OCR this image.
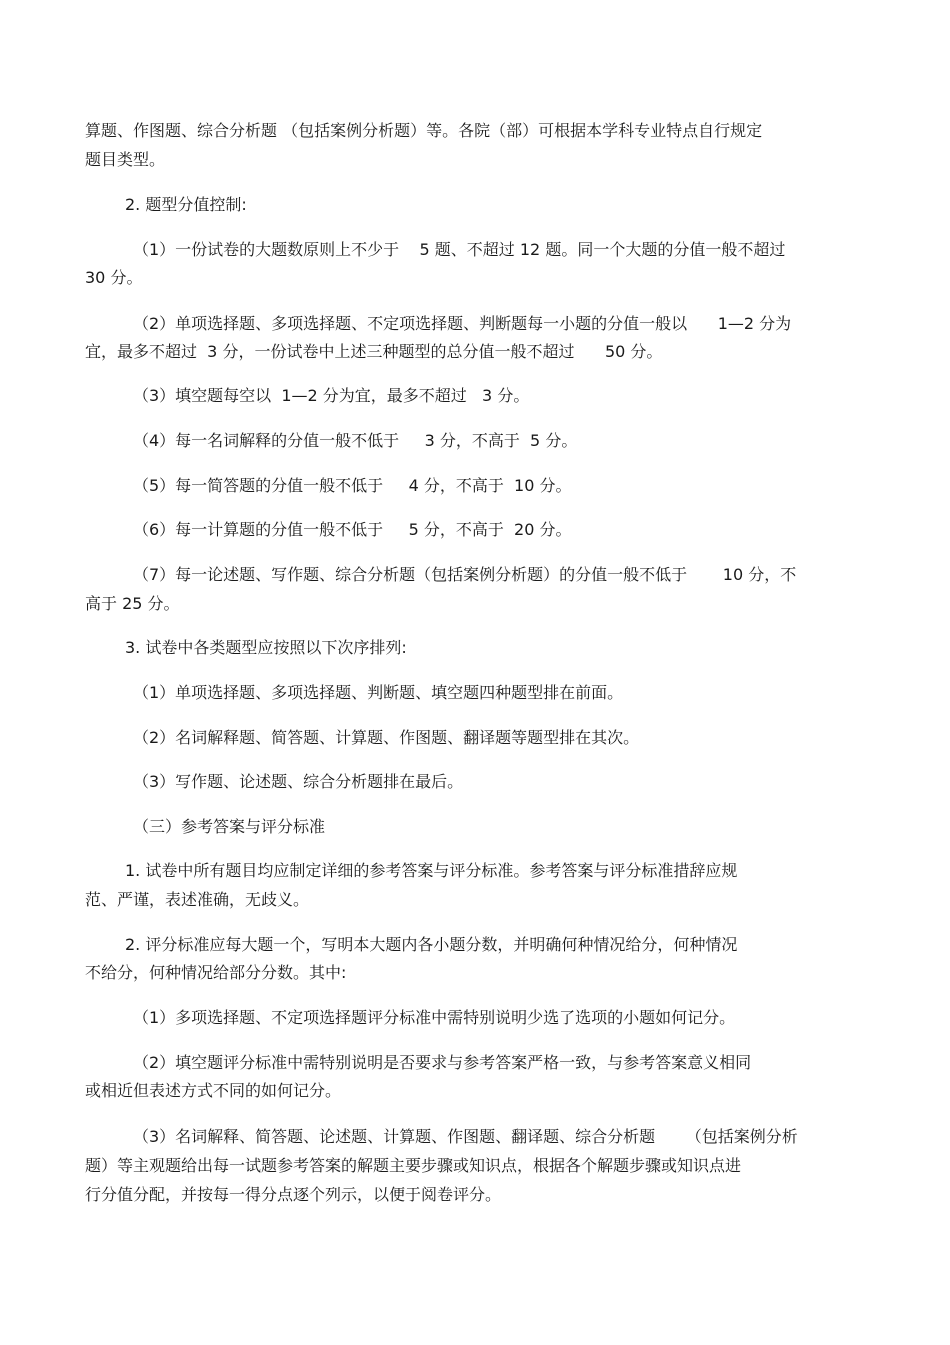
算题、作图题、综合分析题 （包括案例分析题）等。各院（部）可根据本学科专业特点自行规定

题目类型。

2. 题型分值控制:

（1）一份试卷的大题数原则上不少于    5 题、不超过 12 题。同一个大题的分值一般不超过

30 分。

（2）单项选择题、多项选择题、不定项选择题、判断题每一小题的分值一般以      1—2 分为

宜，最多不超过  3 分，一份试卷中上述三种题型的总分值一般不超过      50 分。

（3）填空题每空以  1—2 分为宜，最多不超过   3 分。

（4）每一名词解释的分值一般不低于     3 分，不高于  5 分。

（5）每一简答题的分值一般不低于     4 分，不高于  10 分。

（6）每一计算题的分值一般不低于     5 分，不高于  20 分。

（7）每一论述题、写作题、综合分析题（包括案例分析题）的分值一般不低于       10 分，不

高于 25 分。

3. 试卷中各类题型应按照以下次序排列:

（1）单项选择题、多项选择题、判断题、填空题四种题型排在前面。

（2）名词解释题、简答题、计算题、作图题、翻译题等题型排在其次。

（3）写作题、论述题、综合分析题排在最后。

（三）参考答案与评分标准

1. 试卷中所有题目均应制定详细的参考答案与评分标准。参考答案与评分标准措辞应规

范、严谨，表述准确，无歧义。

2. 评分标准应每大题一个，写明本大题内各小题分数，并明确何种情况给分，何种情况

不给分，何种情况给部分分数。其中:

（1）多项选择题、不定项选择题评分标准中需特别说明少选了选项的小题如何记分。

（2）填空题评分标准中需特别说明是否要求与参考答案严格一致，与参考答案意义相同

或相近但表述方式不同的如何记分。

（3）名词解释、简答题、论述题、计算题、作图题、翻译题、综合分析题      （包括案例分析

题）等主观题给出每一试题参考答案的解题主要步骤或知识点，根据各个解题步骤或知识点进

行分值分配，并按每一得分点逐个列示，以便于阅卷评分。
